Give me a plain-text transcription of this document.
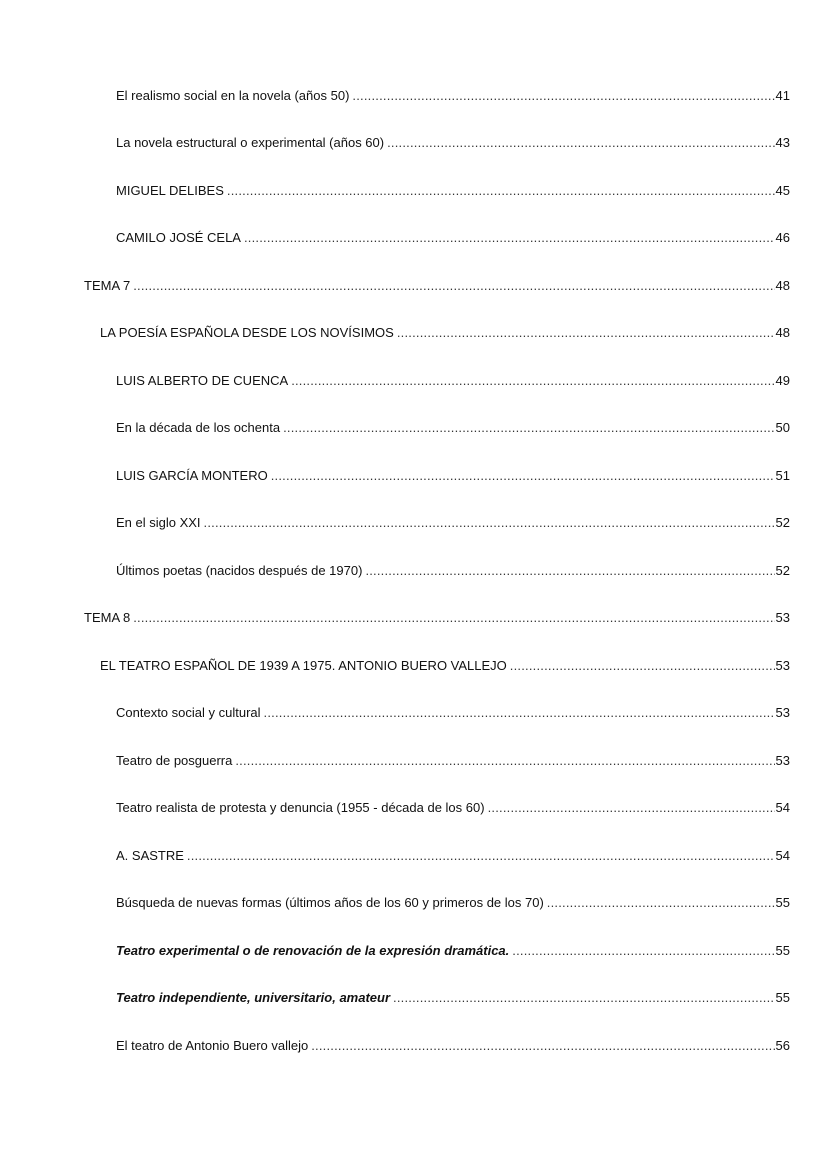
El realismo social en la novela (años 50) .....	41
La novela estructural o experimental (años 60) .....	43
MIGUEL DELIBES .....	45
CAMILO JOSÉ CELA .....	46
TEMA 7 .....	48
LA POESÍA ESPAÑOLA DESDE LOS NOVÍSIMOS .....	48
LUIS ALBERTO DE CUENCA .....	49
En la década de los ochenta .....	50
LUIS GARCÍA MONTERO .....	51
En el siglo XXI .....	52
Últimos poetas (nacidos después de 1970) .....	52
TEMA 8 .....	53
EL TEATRO ESPAÑOL DE 1939 A 1975. ANTONIO BUERO VALLEJO .....	53
Contexto social y cultural .....	53
Teatro de posguerra .....	53
Teatro realista de protesta y denuncia (1955 - década de los 60) .....	54
A. SASTRE .....	54
Búsqueda de nuevas formas (últimos años de los 60 y primeros de los 70) .....	55
Teatro experimental o de renovación de la expresión dramática. .....	55
Teatro independiente, universitario, amateur .....	55
El teatro de Antonio Buero vallejo .....	56
